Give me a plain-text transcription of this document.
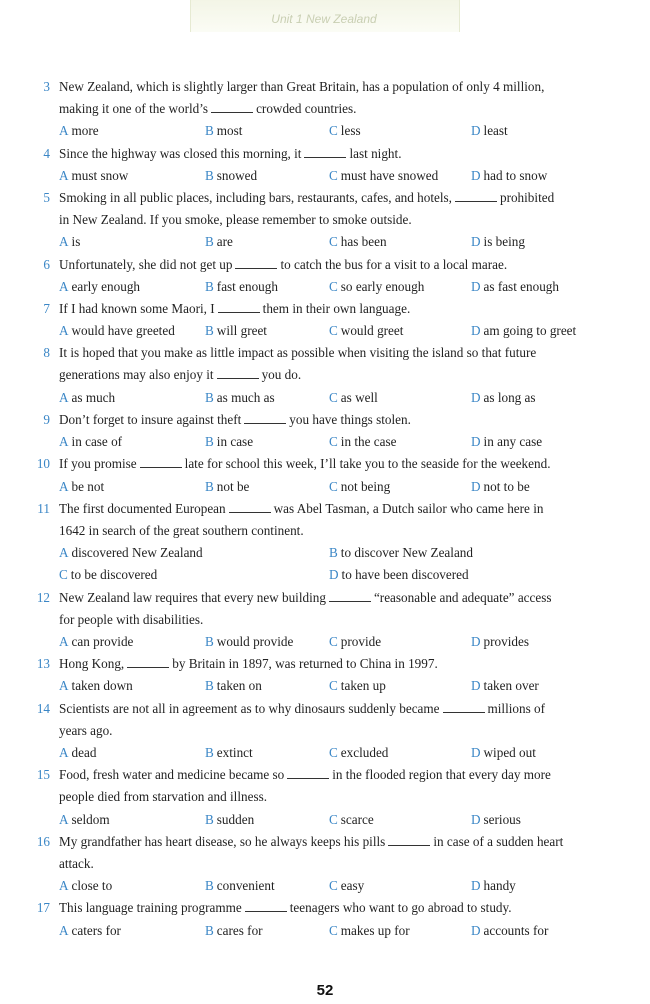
Unit 1 New Zealand
3 New Zealand, which is slightly larger than Great Britain, has a population of only 4 million,
making it one of the world’s	crowded countries.
A more	B most	C less	D least
4 Since the highway was closed this morning, it	last night.
A must snow	B snowed	C must have snowed D had to snow
5 Smoking in all public places, including bars, restaurants, cafes, and hotels,	prohibited
in New Zealand. If you smoke, please remember to smoke outside.
A is	B are	C has been	D is being
6 Unfortunately, she did not get up	to catch the bus for a visit to a local marae.
A early enough	B fast enough	C so early enough	D as fast enough
7 If I had known some Maori, I	them in their own language.
A would have greeted B will greet	C would greet	D am going to greet
8 It is hoped that you make as little impact as possible when visiting the island so that future
generations may also enjoy it	you do.
A as much	B as much as	C as well	D as long as
9 Don’t forget to insure against theft	you have things stolen.
A in case of	B in case	C in the case	D in any case
10 If you promise	late for school this week, I’ll take you to the seaside for the weekend.
A be not	B not be	C not being	D not to be
11 The first documented European	was Abel Tasman, a Dutch sailor who came here in
1642 in search of the great southern continent.
A discovered New Zealand	B to discover New Zealand
C to be discovered	D to have been discovered
12 New Zealand law requires that every new building	“reasonable and adequate” access
for people with disabilities.
A can provide	B would provide	C provide	D provides
13 Hong Kong,	by Britain in 1897, was returned to China in 1997.
A taken down	B taken on	C taken up	D taken over
14 Scientists are not all in agreement as to why dinosaurs suddenly became	millions of
years ago.
A dead	B extinct	C excluded	D wiped out
15 Food, fresh water and medicine became so	in the flooded region that every day more
people died from starvation and illness.
A seldom	B sudden	C scarce	D serious
16 My grandfather has heart disease, so he always keeps his pills	in case of a sudden heart
attack.
A close to	B convenient	C easy	D handy
17 This language training programme	teenagers who want to go abroad to study.
A caters for	B cares for	C makes up for	D accounts for
52
